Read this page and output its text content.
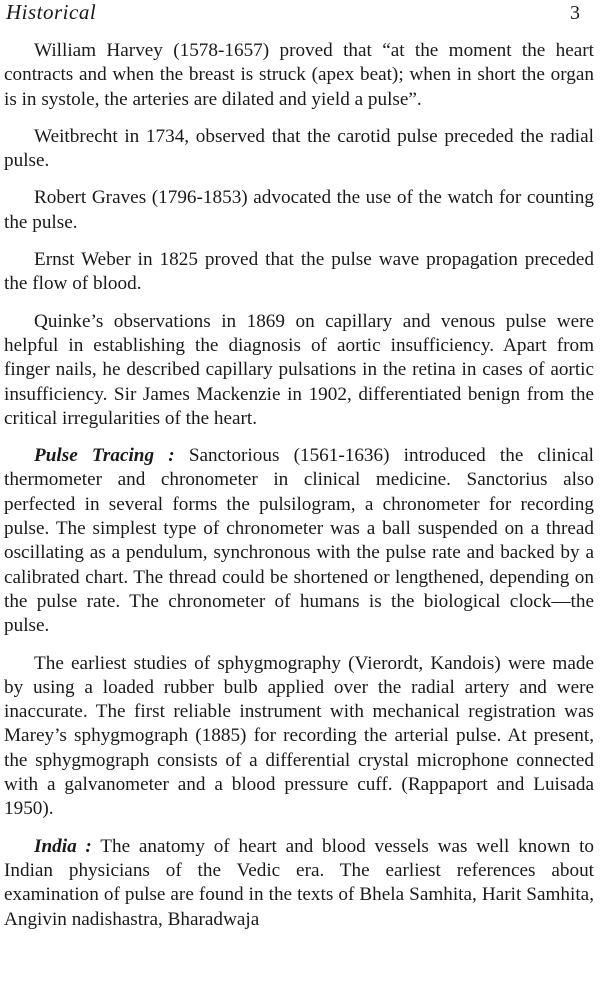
Historical	3

William Harvey (1578-1657) proved that “at the moment the heart contracts and when the breast is struck (apex beat); when in short the organ is in systole, the arteries are dilated and yield a pulse”.

Weitbrecht in 1734, observed that the carotid pulse preceded the radial pulse.

Robert Graves (1796-1853) advocated the use of the watch for counting the pulse.

Ernst Weber in 1825 proved that the pulse wave propagation preceded the flow of blood.

Quinke’s observations in 1869 on capillary and venous pulse were helpful in establishing the diagnosis of aortic insufficiency. Apart from finger nails, he described capillary pulsations in the retina in cases of aortic insufficiency. Sir James Mackenzie in 1902, differentiated benign from the critical irregularities of the heart.

Pulse Tracing : Sanctorious (1561-1636) introduced the clinical thermometer and chronometer in clinical medicine. Sanctorius also perfected in several forms the pulsilogram, a chronometer for recording pulse. The simplest type of chronometer was a ball suspended on a thread oscillating as a pendulum, synchronous with the pulse rate and backed by a calibrated chart. The thread could be shortened or lengthened, depending on the pulse rate. The chronometer of humans is the biological clock—the pulse.

The earliest studies of sphygmography (Vierordt, Kandois) were made by using a loaded rubber bulb applied over the radial artery and were inaccurate. The first reliable instrument with mechanical registration was Marey’s sphygmograph (1885) for recording the arterial pulse. At present, the sphygmograph consists of a differential crystal microphone connected with a galvanometer and a blood pressure cuff. (Rappaport and Luisada 1950).

India : The anatomy of heart and blood vessels was well known to Indian physicians of the Vedic era. The earliest references about examination of pulse are found in the texts of Bhela Samhita, Harit Samhita, Angivin nadishastra, Bharadwaja
